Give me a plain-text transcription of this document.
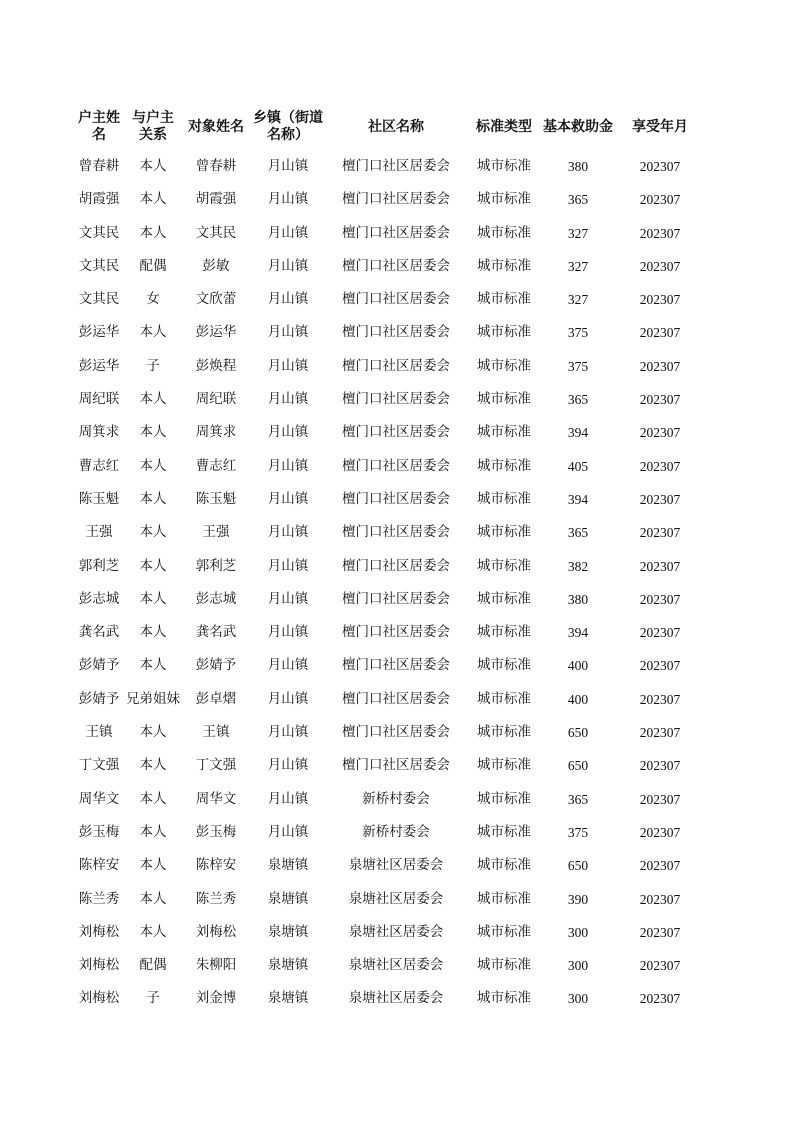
户主姓名	与户主关系	对象姓名	乡镇（街道名称）	社区名称	标准类型	基本救助金	享受年月
曾春耕	本人	曾春耕	月山镇	檀门口社区居委会	城市标准	380	202307
胡霞强	本人	胡霞强	月山镇	檀门口社区居委会	城市标准	365	202307
文其民	本人	文其民	月山镇	檀门口社区居委会	城市标准	327	202307
文其民	配偶	彭敏	月山镇	檀门口社区居委会	城市标准	327	202307
文其民	女	文欣蕾	月山镇	檀门口社区居委会	城市标准	327	202307
彭运华	本人	彭运华	月山镇	檀门口社区居委会	城市标准	375	202307
彭运华	子	彭焕程	月山镇	檀门口社区居委会	城市标准	375	202307
周纪联	本人	周纪联	月山镇	檀门口社区居委会	城市标准	365	202307
周箕求	本人	周箕求	月山镇	檀门口社区居委会	城市标准	394	202307
曹志红	本人	曹志红	月山镇	檀门口社区居委会	城市标准	405	202307
陈玉魁	本人	陈玉魁	月山镇	檀门口社区居委会	城市标准	394	202307
王强	本人	王强	月山镇	檀门口社区居委会	城市标准	365	202307
郭利芝	本人	郭利芝	月山镇	檀门口社区居委会	城市标准	382	202307
彭志城	本人	彭志城	月山镇	檀门口社区居委会	城市标准	380	202307
龚名武	本人	龚名武	月山镇	檀门口社区居委会	城市标准	394	202307
彭婧予	本人	彭婧予	月山镇	檀门口社区居委会	城市标准	400	202307
彭婧予	兄弟姐妹	彭卓熠	月山镇	檀门口社区居委会	城市标准	400	202307
王镇	本人	王镇	月山镇	檀门口社区居委会	城市标准	650	202307
丁文强	本人	丁文强	月山镇	檀门口社区居委会	城市标准	650	202307
周华文	本人	周华文	月山镇	新桥村委会	城市标准	365	202307
彭玉梅	本人	彭玉梅	月山镇	新桥村委会	城市标准	375	202307
陈梓安	本人	陈梓安	泉塘镇	泉塘社区居委会	城市标准	650	202307
陈兰秀	本人	陈兰秀	泉塘镇	泉塘社区居委会	城市标准	390	202307
刘梅松	本人	刘梅松	泉塘镇	泉塘社区居委会	城市标准	300	202307
刘梅松	配偶	朱柳阳	泉塘镇	泉塘社区居委会	城市标准	300	202307
刘梅松	子	刘金博	泉塘镇	泉塘社区居委会	城市标准	300	202307
